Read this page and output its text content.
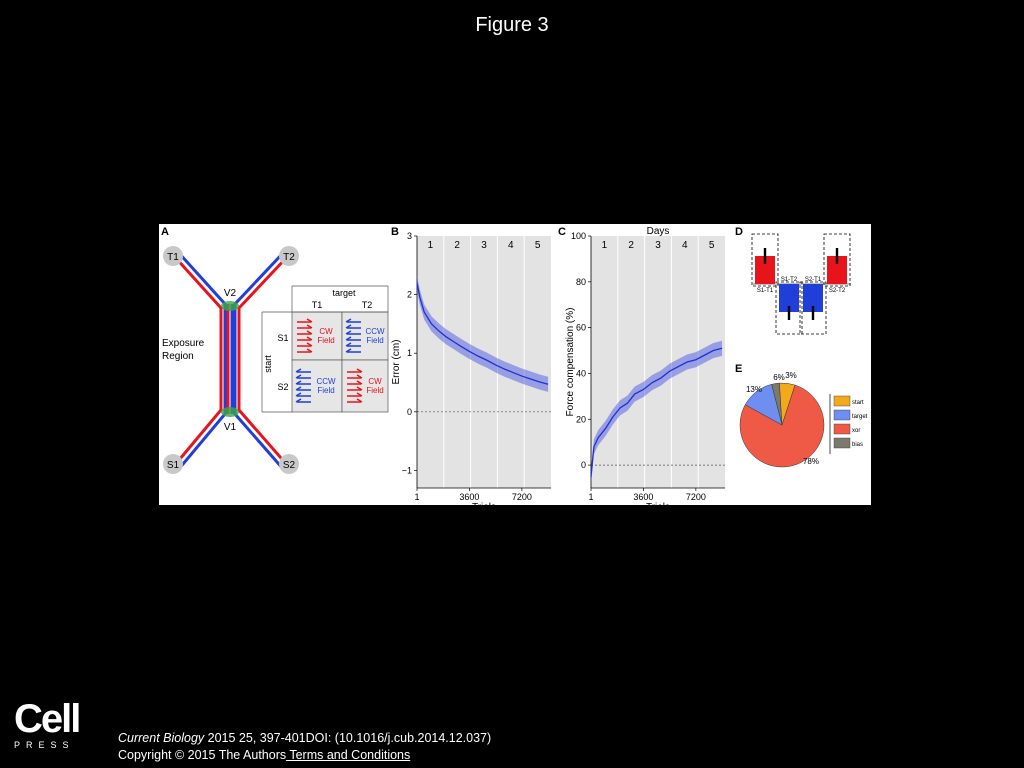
Figure 3
A
T1	T2
S1	S2
V2
V1
Exposure
Region
target
T1	T2
S1
S2
start
CW
Field
CCW
Field
CCW
Field
CW
Field
B
1 2 3 4 5
3
2
1
0
−1
1	3600	7200
Trials
Error (cm)
C
1 2 3 4 5
100
80
60
40
20
0
1	3600	7200
Trials
Force compensation (%)
Days	D
S1-T1
S1-T2 S2-T1
S2-T2
E
6%
13%
78%
3%
start
target
xor
bias
Cell
PRESS	Current Biology 2015 25, 397-401DOI: (10.1016/j.cub.2014.12.037)
Copyright © 2015 The Authors Terms and Conditions
